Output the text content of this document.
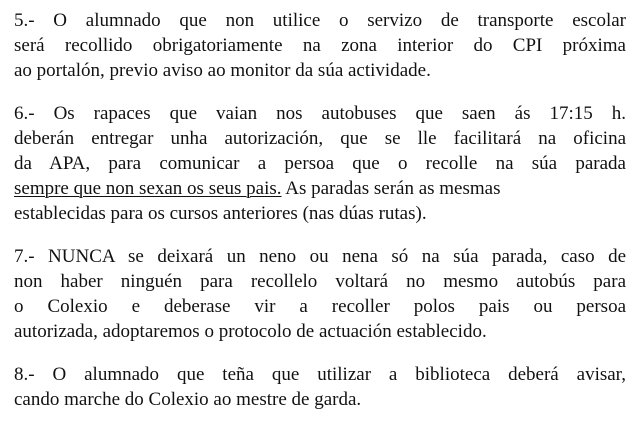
5.- O alumnado que non utilice o servizo de transporte escolar
será recollido obrigatoriamente na zona interior do CPI próxima
ao portalón, previo aviso ao monitor da súa actividade.
6.- Os rapaces que vaian nos autobuses que saen ás 17:15 h.
deberán entregar unha autorización, que se lle facilitará na oficina
da APA, para comunicar a persoa que o recolle na súa parada
sempre que non sexan os seus pais. As paradas serán as mesmas
establecidas para os cursos anteriores (nas dúas rutas).
7.- NUNCA se deixará un neno ou nena só na súa parada, caso de
non haber ninguén para recollelo voltará no mesmo autobús para
o Colexio e deberase vir a recoller polos pais ou persoa
autorizada, adoptaremos o protocolo de actuación establecido.
8.- O alumnado que teña que utilizar a biblioteca deberá avisar,
cando marche do Colexio ao mestre de garda.
